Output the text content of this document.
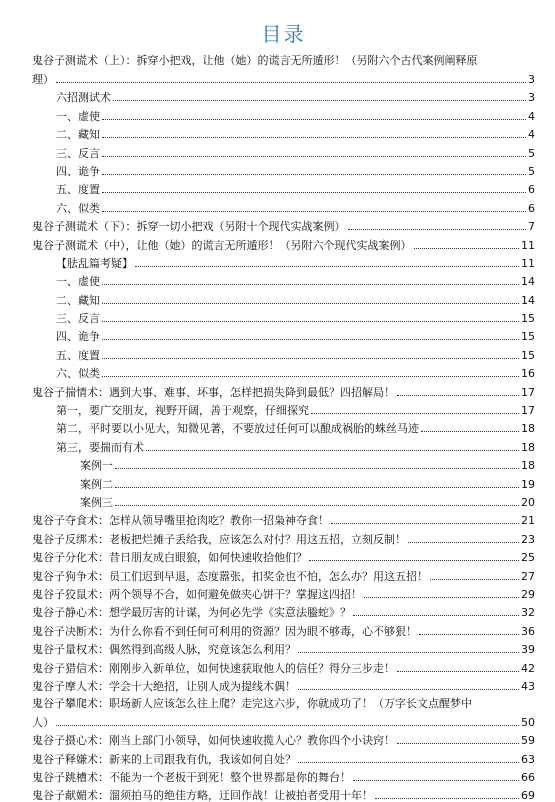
目录
鬼谷子测谎术（上）：拆穿小把戏，让他（她）的谎言无所遁形！（另附六个古代案例阐释原
理）	3
六招测试术	3
一、虚使	4
二、藏知	4
三、反言	5
四、诡争	5
五、度置	6
六、似类	6
鬼谷子测谎术（下）：拆穿一切小把戏（另附十个现代实战案例）	7
鬼谷子测谎术（中），让他（她）的谎言无所遁形！（另附六个现代实战案例）	11
【胠乱篇考疑】	11
一、虚使	14
二、藏知	14
三、反言	15
四、诡争	15
五、度置	15
六、似类	16
鬼谷子揣情术：遇到大事、难事、坏事，怎样把损失降到最低？四招解局！	17
第一，要广交朋友，视野开阔，善于观察，仔细探究	17
第二，平时要以小见大，知微见著，不要放过任何可以酿成祸胎的蛛丝马迹	18
第三，要揣而有术	18
案例一	18
案例二	19
案例三	20
鬼谷子夺食术：怎样从领导嘴里抢肉吃？教你一招枭神夺食！	21
鬼谷子反绑术：老板把烂摊子丢给我，应该怎么对付？用这五招，立刻反制！	23
鬼谷子分化术：昔日朋友成白眼狼，如何快速收拾他们？	25
鬼谷子狗争术：员工们迟到早退，态度嚣张，扣奖金也不怕，怎么办？用这五招！	27
鬼谷子狡鼠术：两个领导不合，如何避免做夹心饼干？掌握这四招！	29
鬼谷子静心术：想学最厉害的计谋，为何必先学《实意法螣蛇》？	32
鬼谷子决断术：为什么你看不到任何可利用的资源？因为眼不够毒，心不够狠！	36
鬼谷子量权术：偶然得到高级人脉，究竟该怎么利用？	39
鬼谷子猎信术：刚刚步入新单位，如何快速获取他人的信任？得分三步走！	42
鬼谷子摩人术：学会十大绝招，让别人成为提线木偶！	43
鬼谷子攀爬术：职场新人应该怎么往上爬？走完这六步，你就成功了！（万字长文点醒梦中
人）	50
鬼谷子摄心术：刚当上部门小领导，如何快速收揽人心？教你四个小诀窍！	59
鬼谷子释嫌术：新来的上司跟我有仇，我该如何自处？	63
鬼谷子跳槽术：不能为一个老板干到死！整个世界都是你的舞台！	66
鬼谷子献媚术：溜须拍马的绝佳方略，迂回作战！让被拍者受用十年！	69
